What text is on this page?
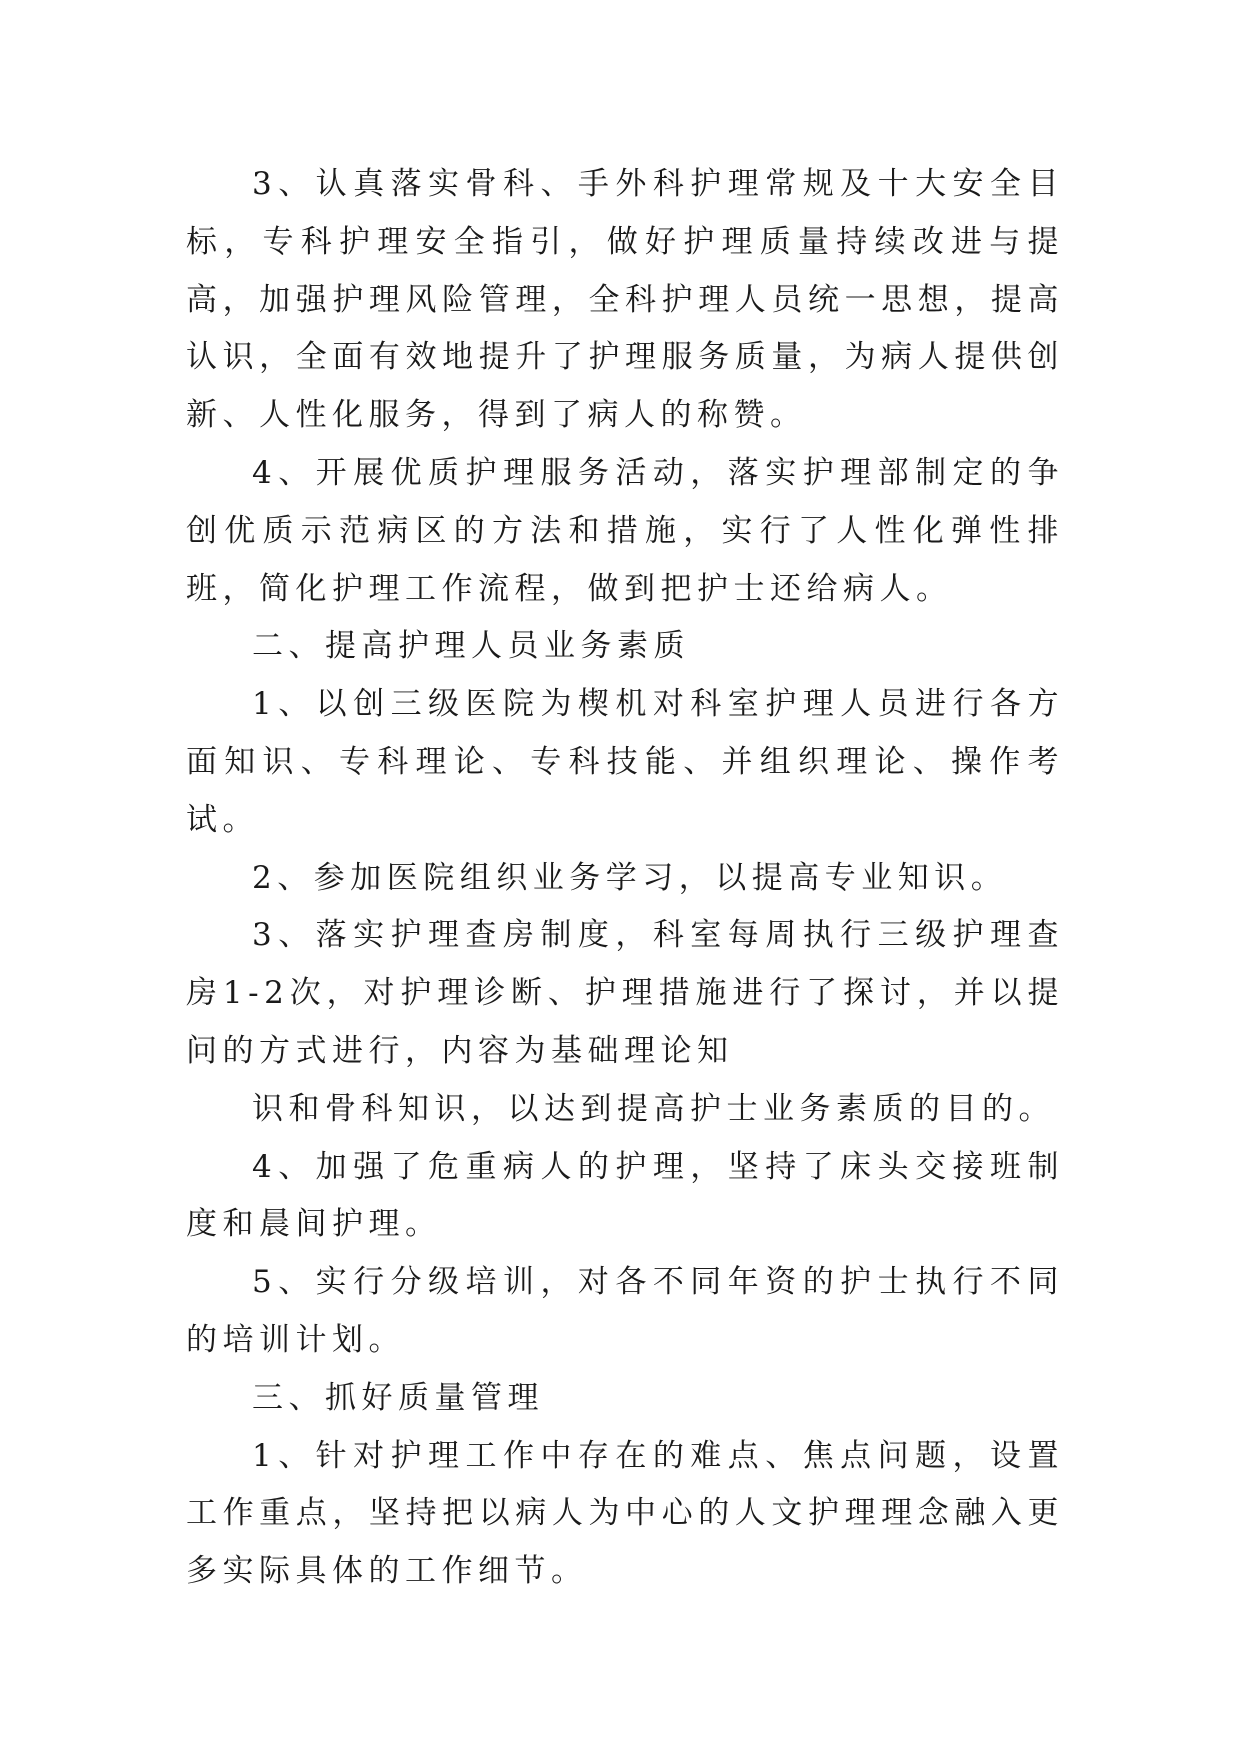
3、认真落实骨科、手外科护理常规及十大安全目标，专科护理安全指引，做好护理质量持续改进与提高，加强护理风险管理，全科护理人员统一思想，提高认识，全面有效地提升了护理服务质量，为病人提供创新、人性化服务，得到了病人的称赞。

4、开展优质护理服务活动，落实护理部制定的争创优质示范病区的方法和措施，实行了人性化弹性排班，简化护理工作流程，做到把护士还给病人。

二、提高护理人员业务素质

1、以创三级医院为楔机对科室护理人员进行各方面知识、专科理论、专科技能、并组织理论、操作考试。

2、参加医院组织业务学习，以提高专业知识。

3、落实护理查房制度，科室每周执行三级护理查房1-2次，对护理诊断、护理措施进行了探讨，并以提问的方式进行，内容为基础理论知

识和骨科知识，以达到提高护士业务素质的目的。

4、加强了危重病人的护理，坚持了床头交接班制度和晨间护理。

5、实行分级培训，对各不同年资的护士执行不同的培训计划。

三、抓好质量管理

1、针对护理工作中存在的难点、焦点问题，设置工作重点，坚持把以病人为中心的人文护理理念融入更多实际具体的工作细节。
